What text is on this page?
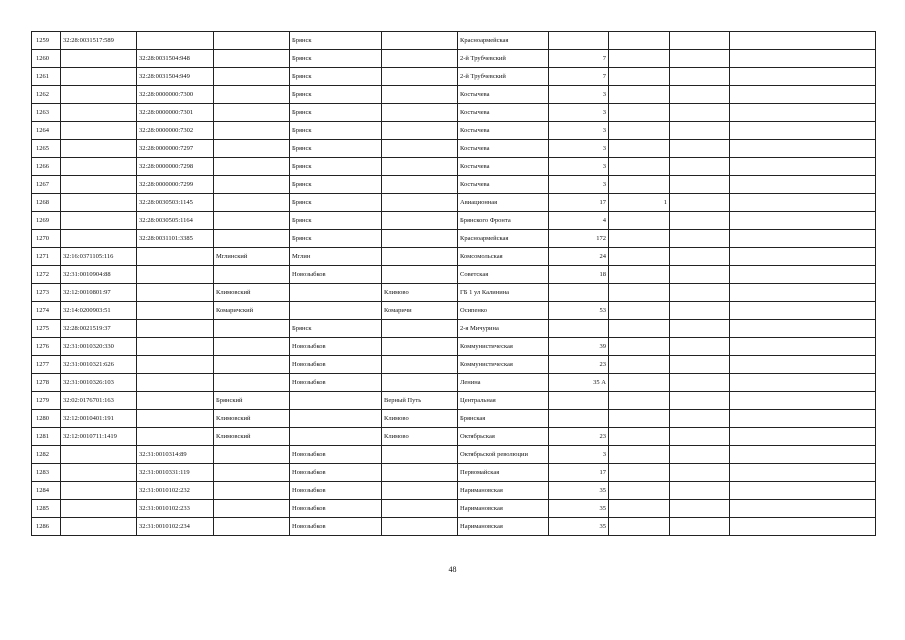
1259	32:28:0031517:589			Брянск		Красноармейская				
1260		32:28:0031504:948		Брянск		2-й Трубчевский	7			
1261		32:28:0031504:949		Брянск		2-й Трубчевский	7			
1262		32:28:0000000:7300		Брянск		Костычева	3			
1263		32:28:0000000:7301		Брянск		Костычева	3			
1264		32:28:0000000:7302		Брянск		Костычева	3			
1265		32:28:0000000:7297		Брянск		Костычева	3			
1266		32:28:0000000:7298		Брянск		Костычева	3			
1267		32:28:0000000:7299		Брянск		Костычева	3			
1268		32:28:0030503:1145		Брянск		Авиационная	17	1		
1269		32:28:0030505:1164		Брянск		Брянского Фронта	4			
1270		32:28:0031101:3385		Брянск		Красноармейская	172			
1271	32:16:0371105:116		Мглинский	Мглин		Комсомольская	24			
1272	32:31:0010904:88			Новозыбков		Советская	18			
1273	32:12:0010801:97		Климовский		Климово	ГБ 1 ул Калинина				
1274	32:14:0200903:51		Комаричский		Комаричи	Осипенко	53			
1275	32:28:0021519:37			Брянск		2-я Мичурина				
1276	32:31:0010320:330			Новозыбков		Коммунистическая	39			
1277	32:31:0010321:626			Новозыбков		Коммунистическая	23			
1278	32:31:0010326:103			Новозыбков		Ленина	35 А			
1279	32:02:0176701:163		Брянский		Верный Путь	Центральная				
1280	32:12:0010401:191		Климовский		Климово	Брянская				
1281	32:12:0010711:1419		Климовский		Климово	Октябрьская	23			
1282		32:31:0010314:89		Новозыбков		Октябрьской революции	3			
1283		32:31:0010331:119		Новозыбков		Первомайская	17			
1284		32:31:0010102:232		Новозыбков		Наримановская	35			
1285		32:31:0010102:233		Новозыбков		Наримановская	35			
1286		32:31:0010102:234		Новозыбков		Наримановская	35			
48
